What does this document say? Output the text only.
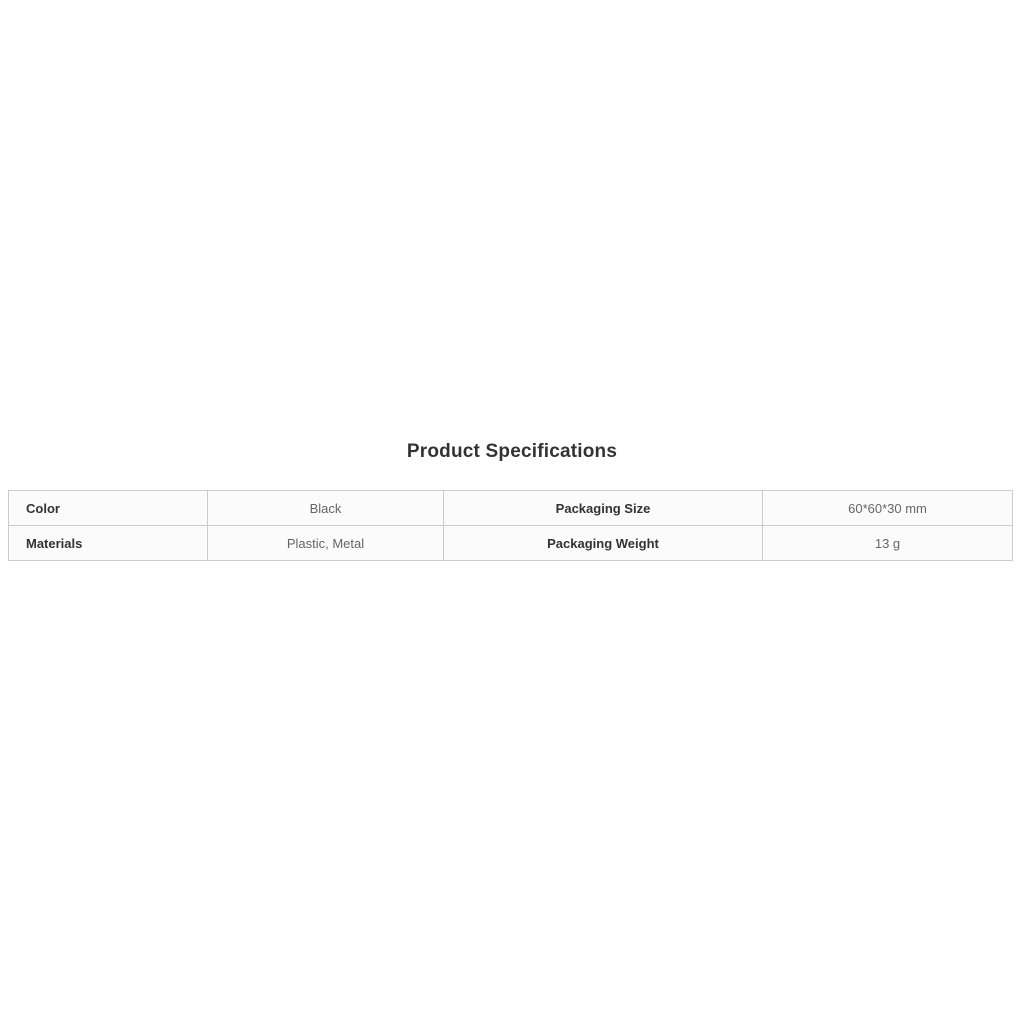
Product Specifications
Color	Black	Packaging Size	60*60*30 mm
Materials	Plastic, Metal	Packaging Weight	13 g
